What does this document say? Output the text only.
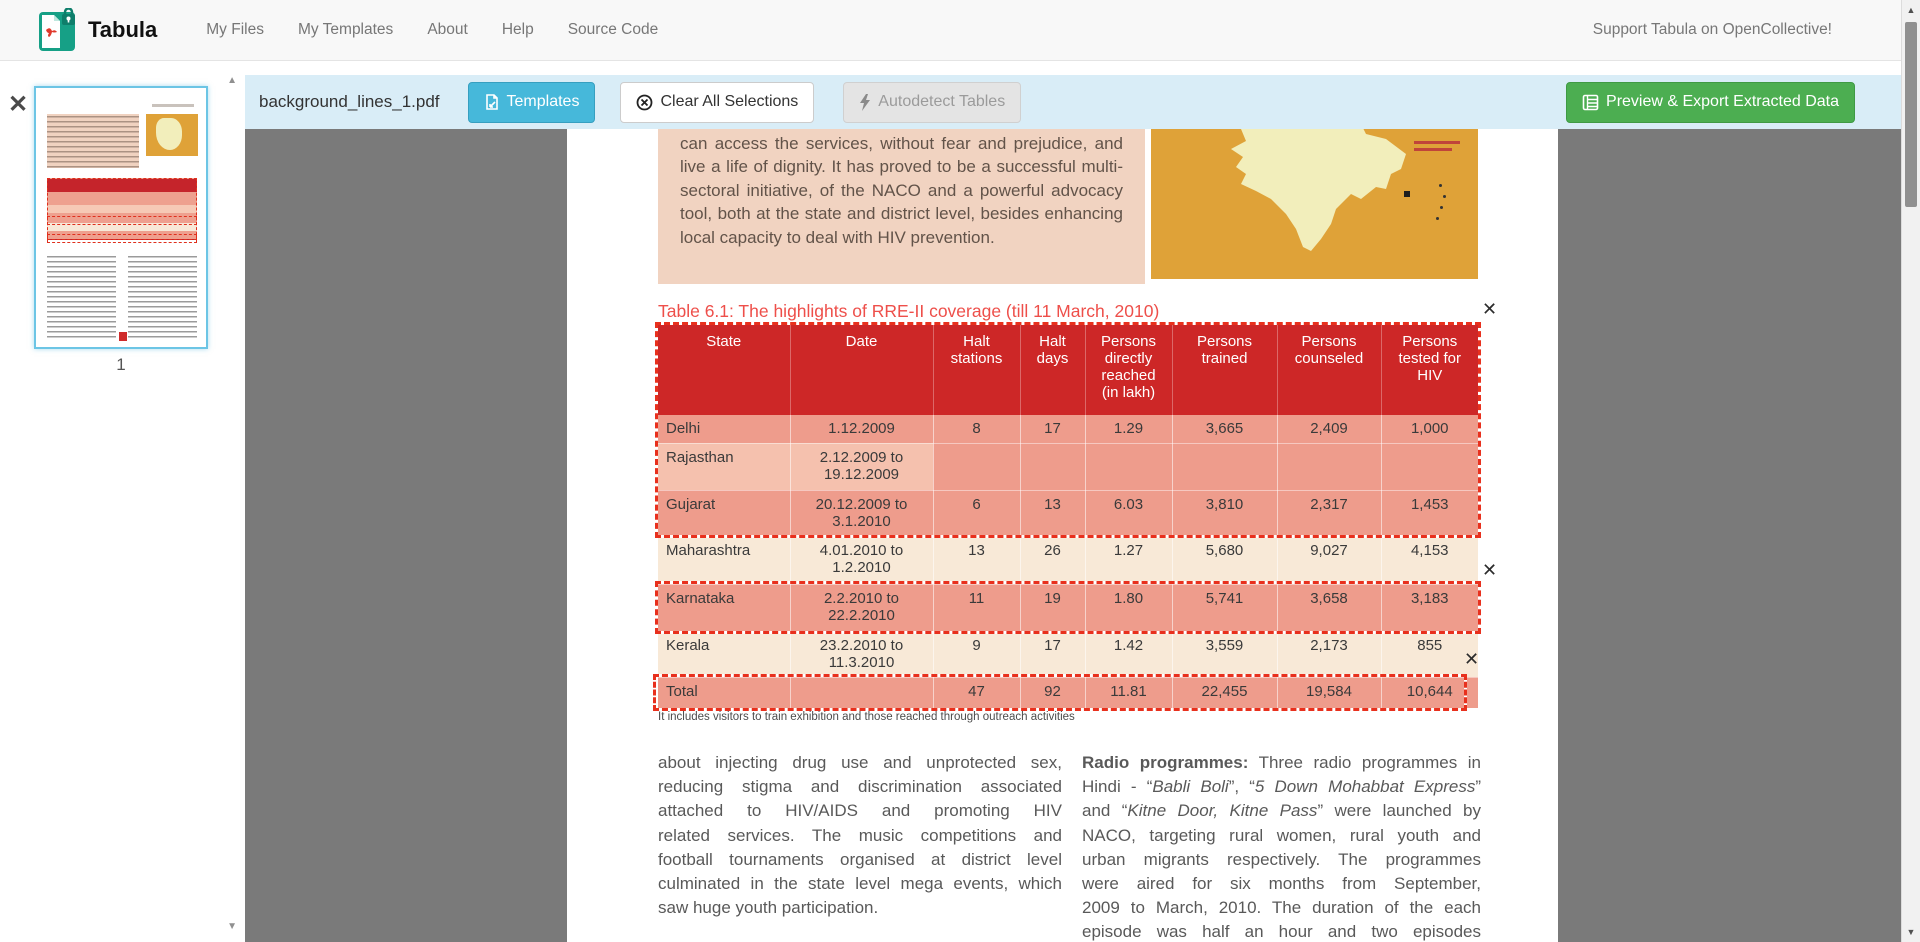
Tabula	My Files	My Templates	About	Help	Source Code	Support Tabula on OpenCollective!
✕
1
▲
▼
background_lines_1.pdf	Templates	Clear All Selections	Autodetect Tables	Preview & Export Extracted Data
can access the services, without fear and prejudice, and
live a life of dignity. It has proved to be a successful multi-
sectoral initiative, of the NACO and a powerful advocacy
tool, both at the state and district level, besides enhancing
local capacity to deal with HIV prevention.
Table 6.1: The highlights of RRE-II coverage (till 11 March, 2010)
State	Date	Halt stations	Halt days	Persons directly reached (in lakh)	Persons trained	Persons counseled	Persons tested for HIV
Delhi	1.12.2009	8	17	1.29	3,665	2,409	1,000
Rajasthan	2.12.2009 to 19.12.2009						
Gujarat	20.12.2009 to 3.1.2010	6	13	6.03	3,810	2,317	1,453
Maharashtra	4.01.2010 to 1.2.2010	13	26	1.27	5,680	9,027	4,153
Karnataka	2.2.2010 to 22.2.2010	11	19	1.80	5,741	3,658	3,183
Kerala	23.2.2010 to 11.3.2010	9	17	1.42	3,559	2,173	855
Total		47	92	11.81	22,455	19,584	10,644
It includes visitors to train exhibition and those reached through outreach activities
about injecting drug use and unprotected sex,
reducing stigma and discrimination associated
attached to HIV/AIDS and promoting HIV
related services. The music competitions and
football tournaments organised at district level
culminated in the state level mega events, which
saw huge youth participation.
Radio programmes: Three radio programmes in
Hindi - “Babli Boli”, “5 Down Mohabbat Express”
and “Kitne Door, Kitne Pass” were launched by
NACO, targeting rural women, rural youth and
urban migrants respectively. The programmes
were aired for six months from September,
2009 to March, 2010. The duration of the each
episode was half an hour and two episodes
✕
✕
✕
▲
▼
